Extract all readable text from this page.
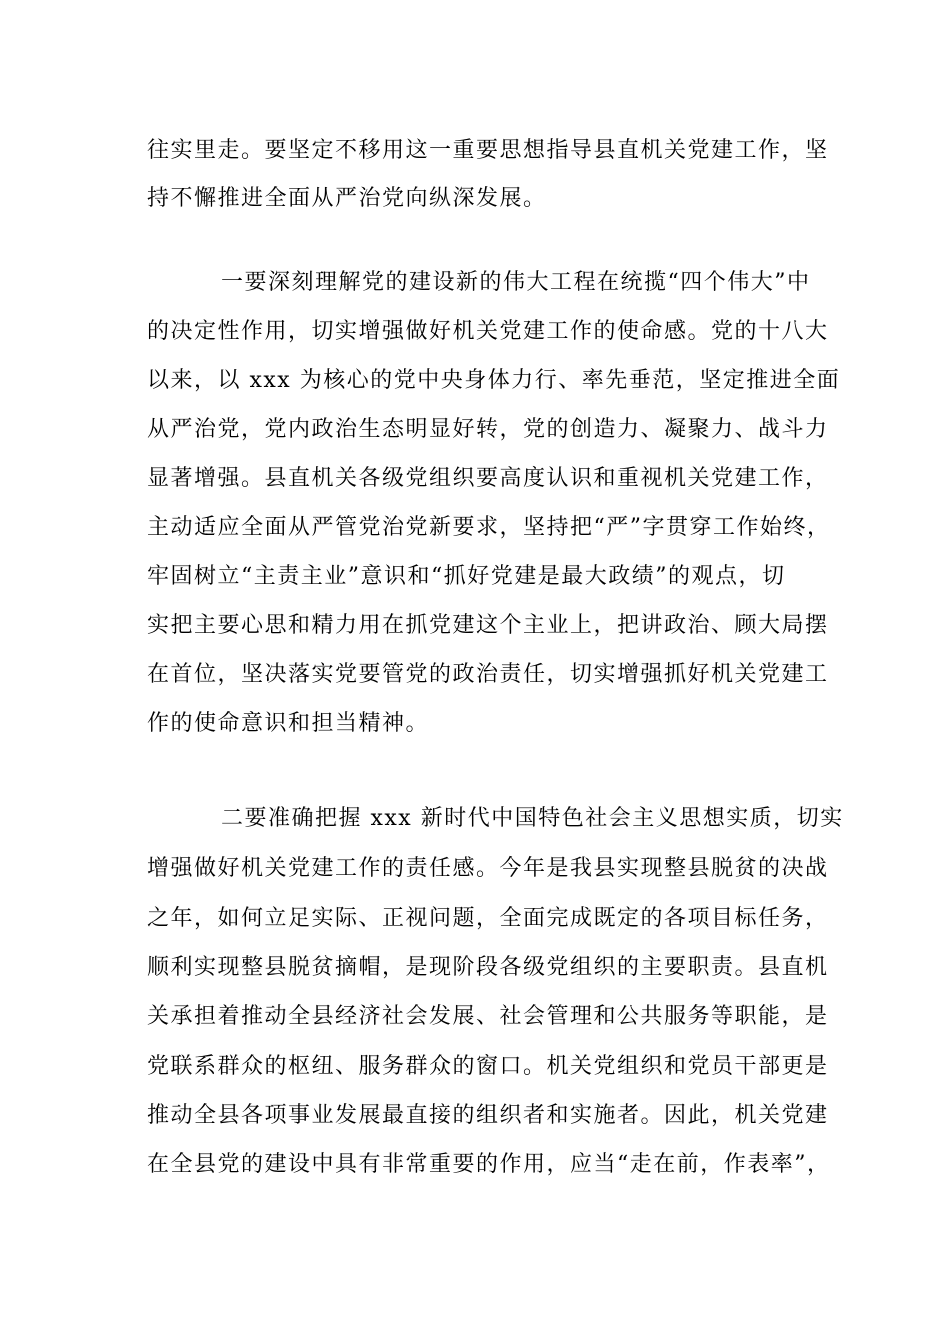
往实里走。要坚定不移用这一重要思想指导县直机关党建工作，坚
持不懈推进全面从严治党向纵深发展。
一要深刻理解党的建设新的伟大工程在统揽“四个伟大”中
的决定性作用，切实增强做好机关党建工作的使命感。党的十八大
以来，以 xxx 为核心的党中央身体力行、率先垂范，坚定推进全面
从严治党，党内政治生态明显好转，党的创造力、凝聚力、战斗力
显著增强。县直机关各级党组织要高度认识和重视机关党建工作，
主动适应全面从严管党治党新要求，坚持把“严”字贯穿工作始终，
牢固树立“主责主业”意识和“抓好党建是最大政绩”的观点，切
实把主要心思和精力用在抓党建这个主业上，把讲政治、顾大局摆
在首位，坚决落实党要管党的政治责任，切实增强抓好机关党建工
作的使命意识和担当精神。
二要准确把握 xxx 新时代中国特色社会主义思想实质，切实
增强做好机关党建工作的责任感。今年是我县实现整县脱贫的决战
之年，如何立足实际、正视问题，全面完成既定的各项目标任务，
顺利实现整县脱贫摘帽，是现阶段各级党组织的主要职责。县直机
关承担着推动全县经济社会发展、社会管理和公共服务等职能，是
党联系群众的枢纽、服务群众的窗口。机关党组织和党员干部更是
推动全县各项事业发展最直接的组织者和实施者。因此，机关党建
在全县党的建设中具有非常重要的作用，应当“走在前，作表率”，
